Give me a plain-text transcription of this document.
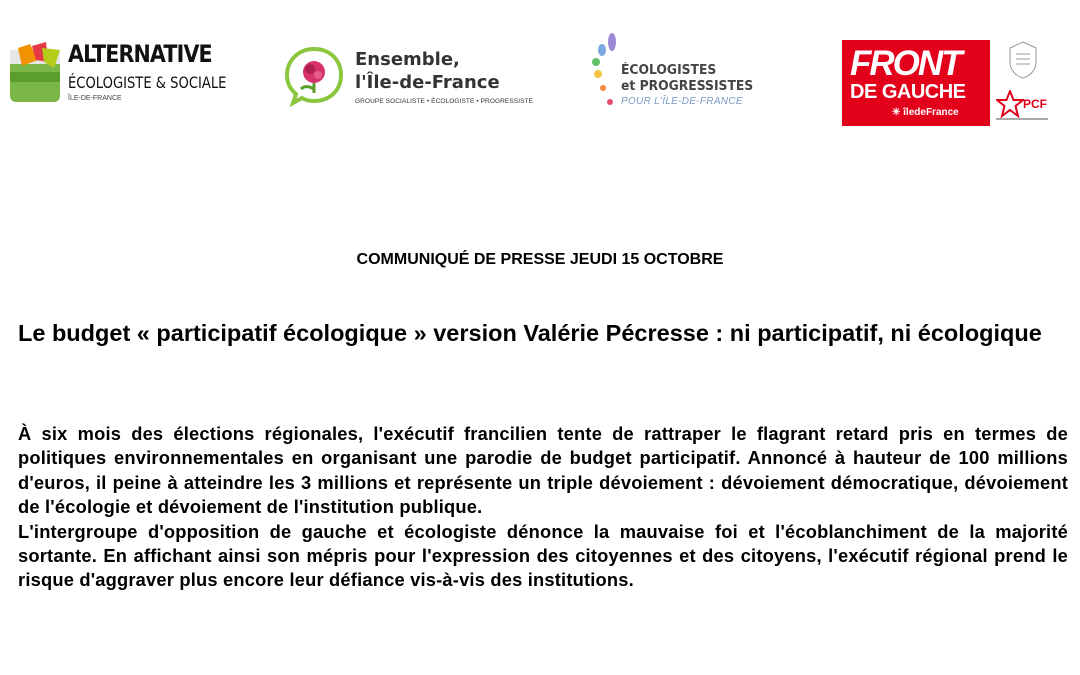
ALTERNATIVE
ÉCOLOGISTE & SOCIALE
ÎLE-DE-FRANCE
Ensemble,
l'Île-de-France
GROUPE SOCIALISTE • ÉCOLOGISTE • PROGRESSISTE
ÉCOLOGISTES
et PROGRESSISTES
POUR L'ÎLE-DE-FRANCE
FRONT
DE GAUCHE
✳ îledeFrance
PCF
COMMUNIQUÉ DE PRESSE JEUDI 15 OCTOBRE
Le budget « participatif écologique » version Valérie Pécresse : ni participatif, ni écologique

À six mois des élections régionales, l'exécutif francilien tente de rattraper le flagrant retard pris en termes de politiques environnementales en organisant une parodie de budget participatif. Annoncé à hauteur de 100 millions d'euros, il peine à atteindre les 3 millions et représente un triple dévoiement : dévoiement démocratique, dévoiement de l'écologie et dévoiement de l'institution publique.

L'intergroupe d'opposition de gauche et écologiste dénonce la mauvaise foi et l'écoblanchiment de la majorité sortante. En affichant ainsi son mépris pour l'expression des citoyennes et des citoyens, l'exécutif régional prend le risque d'aggraver plus encore leur défiance vis-à-vis des institutions.
